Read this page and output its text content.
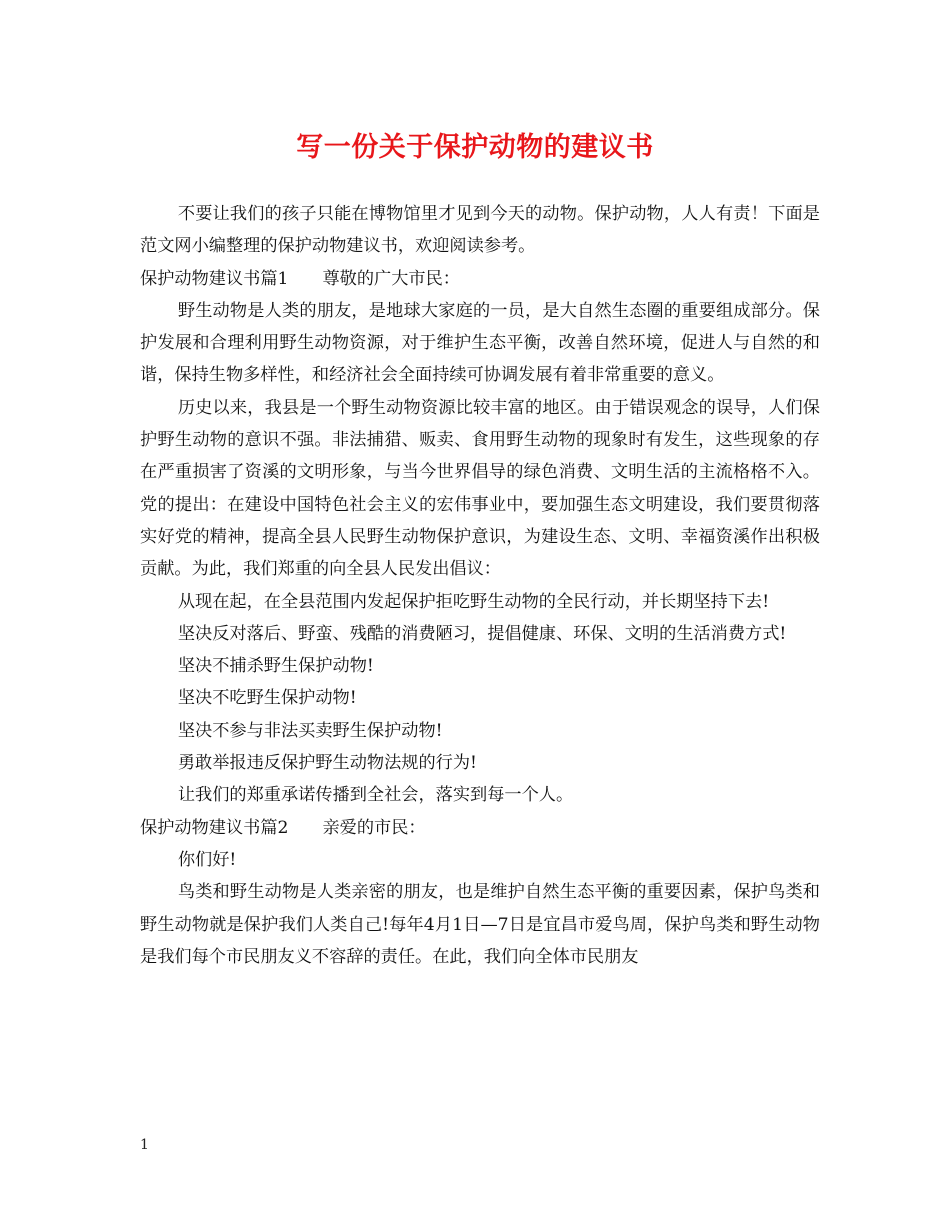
写一份关于保护动物的建议书

不要让我们的孩子只能在博物馆里才见到今天的动物。保护动物，人人有责！下面是范文网小编整理的保护动物建议书，欢迎阅读参考。

保护动物建议书篇1 尊敬的广大市民：

野生动物是人类的朋友，是地球大家庭的一员，是大自然生态圈的重要组成部分。保护发展和合理利用野生动物资源，对于维护生态平衡，改善自然环境，促进人与自然的和谐，保持生物多样性，和经济社会全面持续可协调发展有着非常重要的意义。

历史以来，我县是一个野生动物资源比较丰富的地区。由于错误观念的误导，人们保护野生动物的意识不强。非法捕猎、贩卖、食用野生动物的现象时有发生，这些现象的存在严重损害了资溪的文明形象，与当今世界倡导的绿色消费、文明生活的主流格格不入。党的提出：在建设中国特色社会主义的宏伟事业中，要加强生态文明建设，我们要贯彻落实好党的精神，提高全县人民野生动物保护意识，为建设生态、文明、幸福资溪作出积极贡献。为此，我们郑重的向全县人民发出倡议：

从现在起，在全县范围内发起保护拒吃野生动物的全民行动，并长期坚持下去!

坚决反对落后、野蛮、残酷的消费陋习，提倡健康、环保、文明的生活消费方式!

坚决不捕杀野生保护动物!

坚决不吃野生保护动物!

坚决不参与非法买卖野生保护动物!

勇敢举报违反保护野生动物法规的行为!

让我们的郑重承诺传播到全社会，落实到每一个人。

保护动物建议书篇2 亲爱的市民：

你们好!

鸟类和野生动物是人类亲密的朋友，也是维护自然生态平衡的重要因素，保护鸟类和野生动物就是保护我们人类自己!每年4月1日—7日是宜昌市爱鸟周，保护鸟类和野生动物是我们每个市民朋友义不容辞的责任。在此，我们向全体市民朋友

1
